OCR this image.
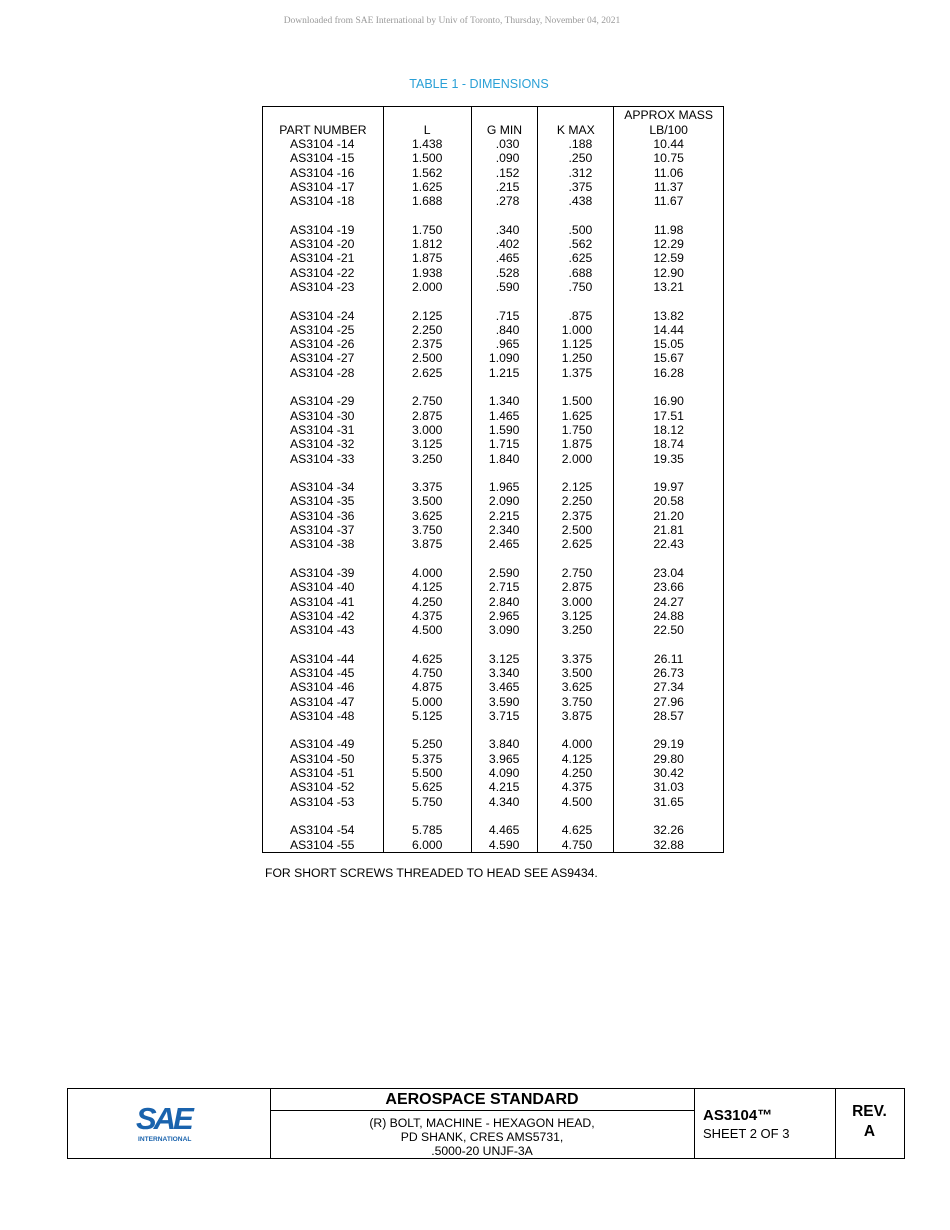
Downloaded from SAE International by Univ of Toronto, Thursday, November 04, 2021
TABLE 1 - DIMENSIONS
PART NUMBER	L	G MIN	K MAX	APPROX MASS
LB/100

AS3104 -14	1.438	.030	.188	10.44
AS3104 -15	1.500	.090	.250	10.75
AS3104 -16	1.562	.152	.312	11.06
AS3104 -17	1.625	.215	.375	11.37
AS3104 -18	1.688	.278	.438	11.67

AS3104 -19	1.750	.340	.500	11.98
AS3104 -20	1.812	.402	.562	12.29
AS3104 -21	1.875	.465	.625	12.59
AS3104 -22	1.938	.528	.688	12.90
AS3104 -23	2.000	.590	.750	13.21

AS3104 -24	2.125	.715	.875	13.82
AS3104 -25	2.250	.840	1.000	14.44
AS3104 -26	2.375	.965	1.125	15.05
AS3104 -27	2.500	1.090	1.250	15.67
AS3104 -28	2.625	1.215	1.375	16.28

AS3104 -29	2.750	1.340	1.500	16.90
AS3104 -30	2.875	1.465	1.625	17.51
AS3104 -31	3.000	1.590	1.750	18.12
AS3104 -32	3.125	1.715	1.875	18.74
AS3104 -33	3.250	1.840	2.000	19.35

AS3104 -34	3.375	1.965	2.125	19.97
AS3104 -35	3.500	2.090	2.250	20.58
AS3104 -36	3.625	2.215	2.375	21.20
AS3104 -37	3.750	2.340	2.500	21.81
AS3104 -38	3.875	2.465	2.625	22.43

AS3104 -39	4.000	2.590	2.750	23.04
AS3104 -40	4.125	2.715	2.875	23.66
AS3104 -41	4.250	2.840	3.000	24.27
AS3104 -42	4.375	2.965	3.125	24.88
AS3104 -43	4.500	3.090	3.250	22.50

AS3104 -44	4.625	3.125	3.375	26.11
AS3104 -45	4.750	3.340	3.500	26.73
AS3104 -46	4.875	3.465	3.625	27.34
AS3104 -47	5.000	3.590	3.750	27.96
AS3104 -48	5.125	3.715	3.875	28.57

AS3104 -49	5.250	3.840	4.000	29.19
AS3104 -50	5.375	3.965	4.125	29.80
AS3104 -51	5.500	4.090	4.250	30.42
AS3104 -52	5.625	4.215	4.375	31.03
AS3104 -53	5.750	4.340	4.500	31.65

AS3104 -54	5.785	4.465	4.625	32.26
AS3104 -55	6.000	4.590	4.750	32.88
FOR SHORT SCREWS THREADED TO HEAD SEE AS9434.
SAE
INTERNATIONAL
AEROSPACE STANDARD
(R) BOLT, MACHINE - HEXAGON HEAD,
PD SHANK, CRES AMS5731,
.5000-20 UNJF-3A
AS3104™
SHEET 2 OF 3
REV.
A
